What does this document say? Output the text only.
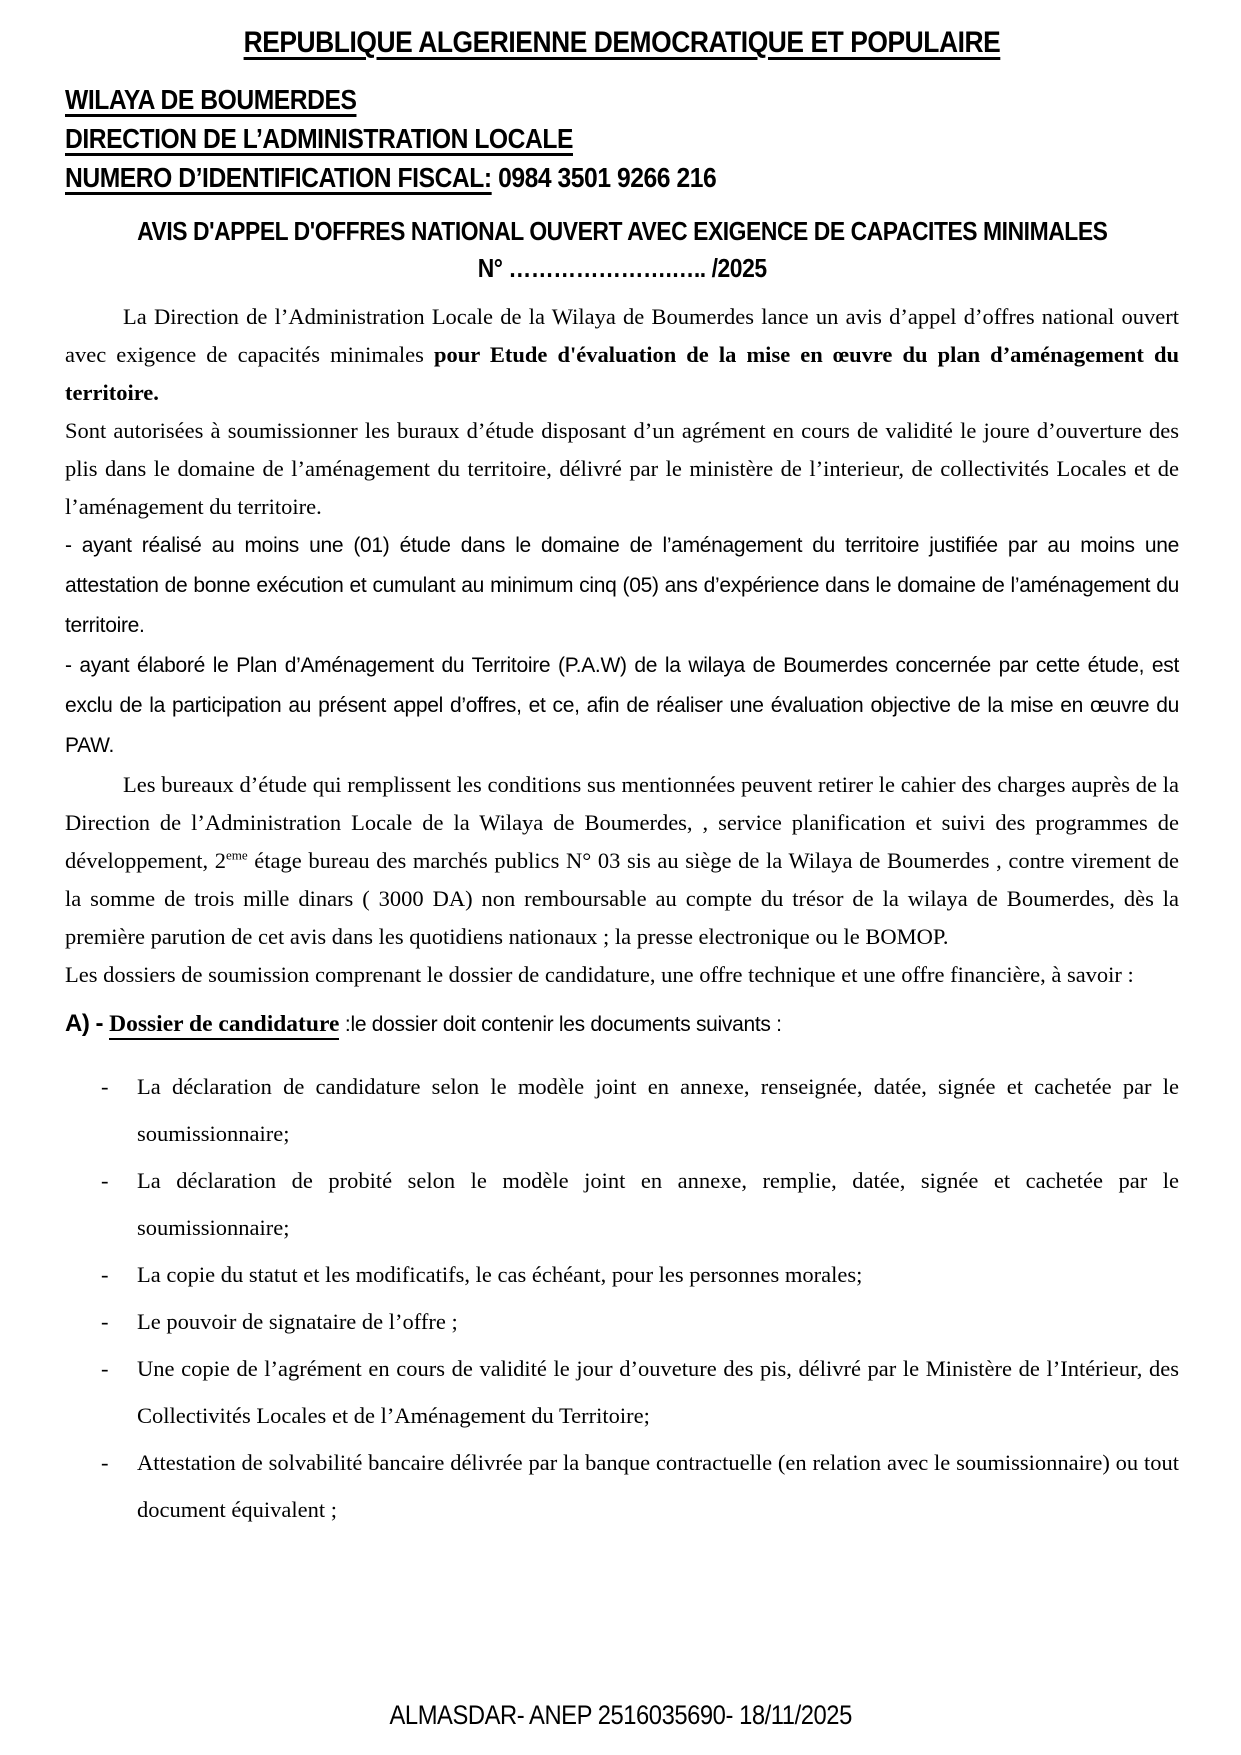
REPUBLIQUE ALGERIENNE DEMOCRATIQUE ET POPULAIRE
WILAYA DE BOUMERDES
DIRECTION DE L’ADMINISTRATION LOCALE
NUMERO D’IDENTIFICATION FISCAL: 0984 3501 9266 216
AVIS D'APPEL D'OFFRES NATIONAL OUVERT AVEC EXIGENCE DE CAPACITES MINIMALES
N° ………………….….. /2025

La Direction de l’Administration Locale de la Wilaya de Boumerdes lance un avis d’appel d’offres national ouvert avec exigence de capacités minimales pour Etude d'évaluation de la mise en œuvre du plan d’aménagement du territoire.

Sont autorisées à soumissionner les buraux d’étude disposant d’un agrément en cours de validité le joure d’ouverture des plis dans le domaine de l’aménagement du territoire, délivré par le ministère de l’interieur, de collectivités Locales et de l’aménagement du territoire.

- ayant réalisé au moins une (01) étude dans le domaine de l’aménagement du territoire justifiée par au moins une attestation de bonne exécution et cumulant au minimum cinq (05) ans d’expérience dans le domaine de l’aménagement du territoire.

- ayant élaboré le Plan d’Aménagement du Territoire (P.A.W) de la wilaya de Boumerdes concernée par cette étude, est exclu de la participation au présent appel d’offres, et ce, afin de réaliser une évaluation objective de la mise en œuvre du PAW.

Les bureaux d’étude qui remplissent les conditions sus mentionnées peuvent retirer le cahier des charges auprès de la Direction de l’Administration Locale de la Wilaya de Boumerdes, , service planification et suivi des programmes de développement, 2eme étage bureau des marchés publics N° 03 sis au siège de la Wilaya de Boumerdes , contre virement de la somme de trois mille dinars ( 3000 DA) non remboursable au compte du trésor de la wilaya de Boumerdes, dès la première parution de cet avis dans les quotidiens nationaux ; la presse electronique ou le BOMOP.

Les dossiers de soumission comprenant le dossier de candidature, une offre technique et une offre financière, à savoir :

A) - Dossier de candidature :le dossier doit contenir les documents suivants :

-	La déclaration de candidature selon le modèle joint en annexe, renseignée, datée, signée et cachetée par le soumissionnaire;
-	La déclaration de probité selon le modèle joint en annexe, remplie, datée, signée et cachetée par le soumissionnaire;
-	La copie du statut et les modificatifs, le cas échéant, pour les personnes morales;
-	Le pouvoir de signataire de l’offre ;
-	Une copie de l’agrément en cours de validité le jour d’ouveture des pis, délivré par le Ministère de l’Intérieur, des Collectivités Locales et de l’Aménagement du Territoire;
-	Attestation de solvabilité bancaire délivrée par la banque contractuelle (en relation avec le soumissionnaire) ou tout document équivalent ;
ALMASDAR- ANEP 2516035690- 18/11/2025
